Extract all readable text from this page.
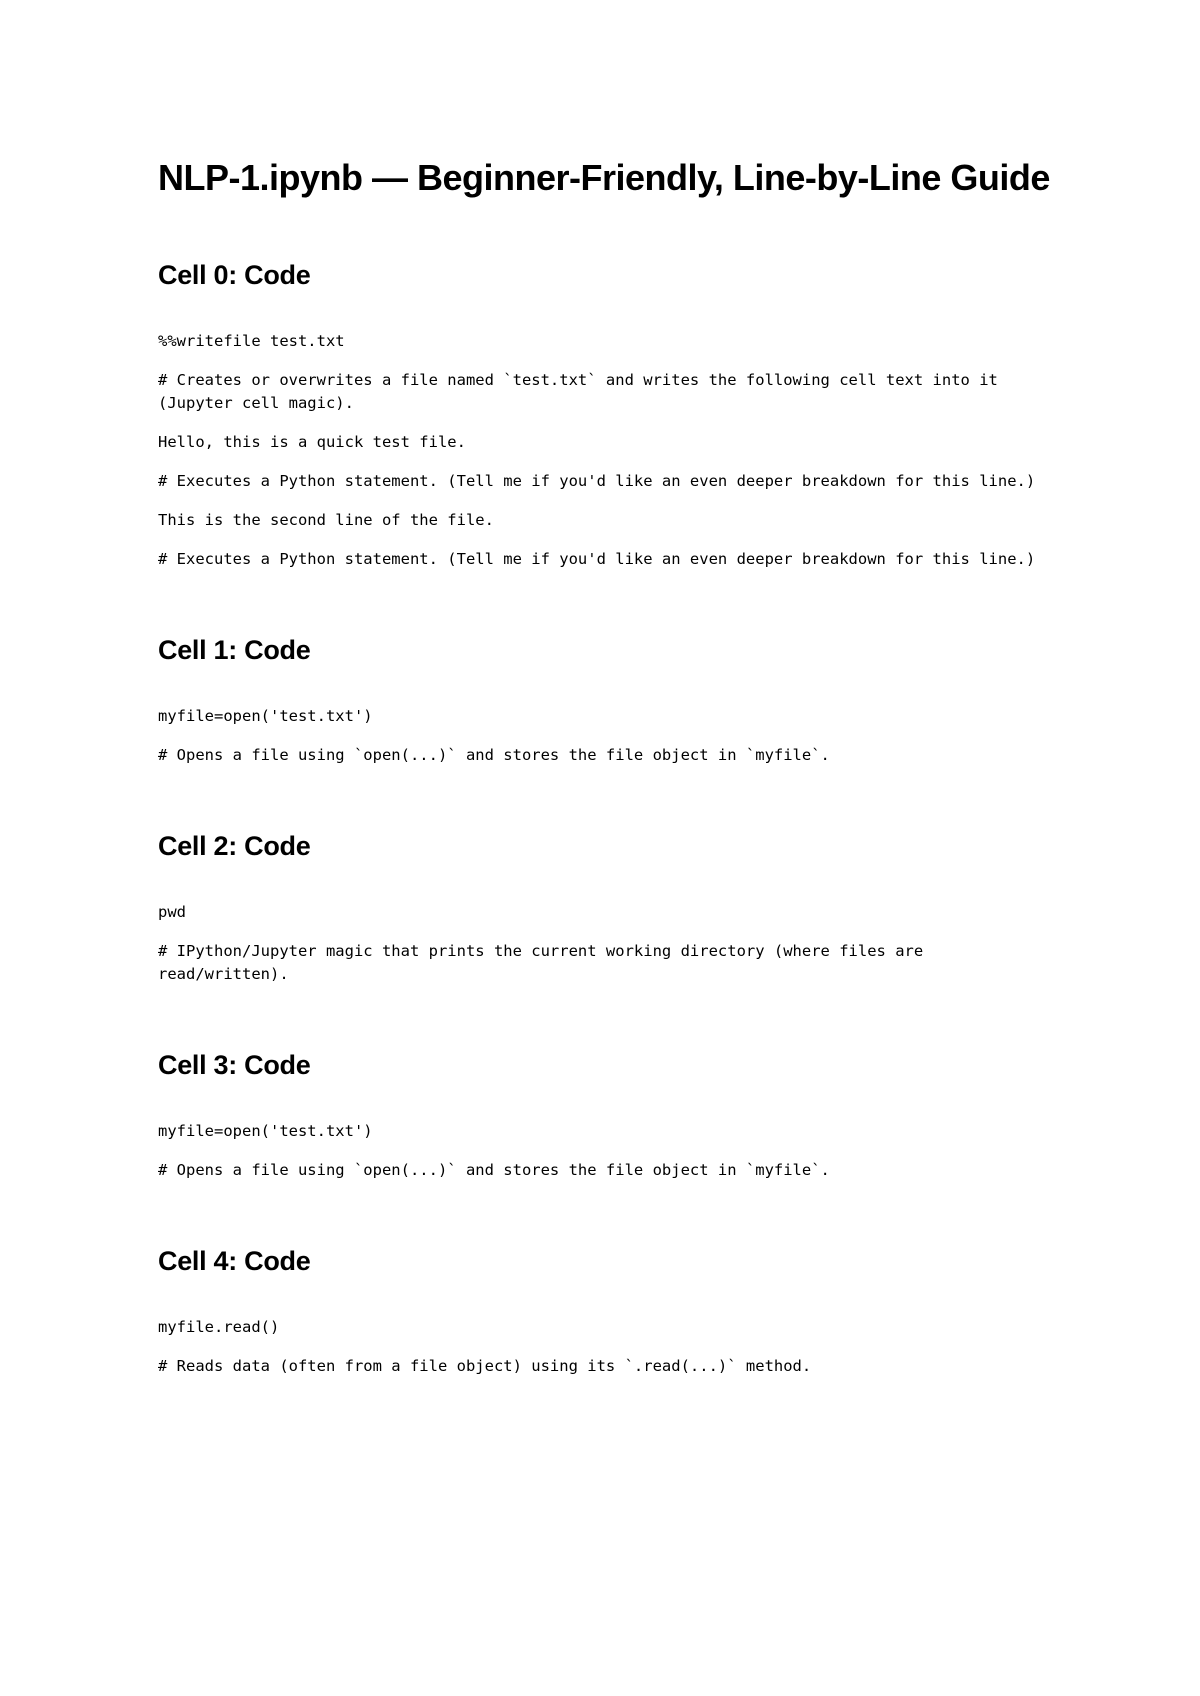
NLP-1.ipynb — Beginner-Friendly, Line-by-Line Guide
Cell 0: Code

%%writefile test.txt

# Creates or overwrites a file named `test.txt` and writes the following cell text into it (Jupyter cell magic).

Hello, this is a quick test file.

# Executes a Python statement. (Tell me if you'd like an even deeper breakdown for this line.)

This is the second line of the file.

# Executes a Python statement. (Tell me if you'd like an even deeper breakdown for this line.)

Cell 1: Code

myfile=open('test.txt')

# Opens a file using `open(...)` and stores the file object in `myfile`.

Cell 2: Code

pwd

# IPython/Jupyter magic that prints the current working directory (where files are read/written).

Cell 3: Code

myfile=open('test.txt')

# Opens a file using `open(...)` and stores the file object in `myfile`.

Cell 4: Code

myfile.read()

# Reads data (often from a file object) using its `.read(...)` method.
